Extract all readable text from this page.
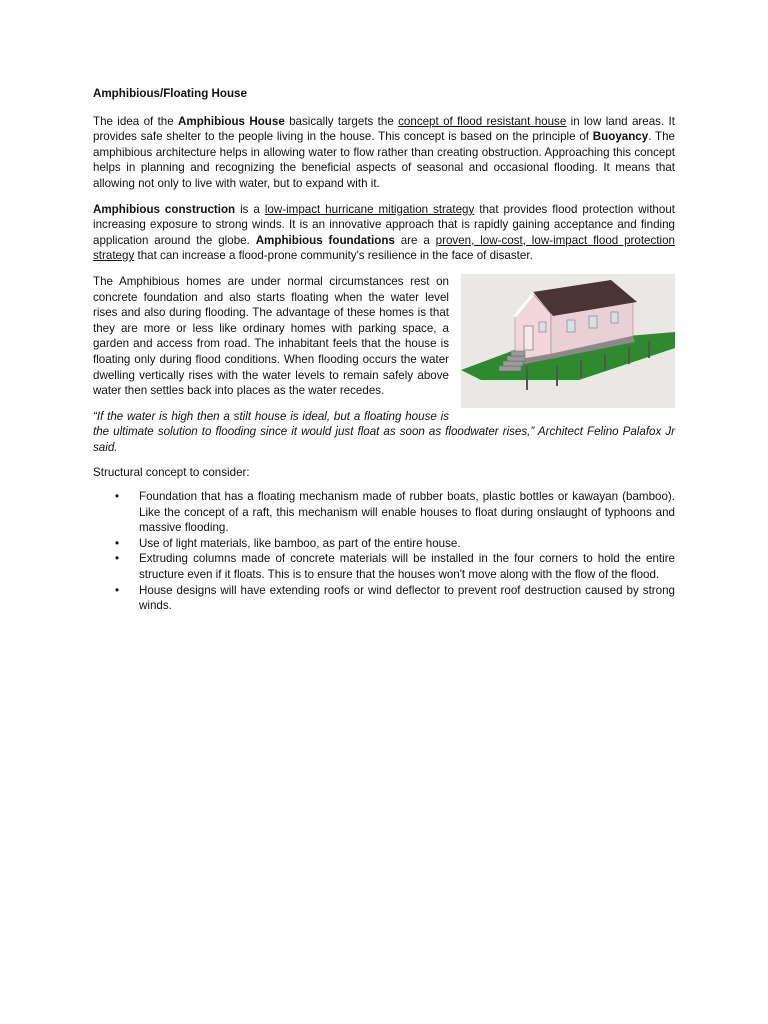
Amphibious/Floating House

The idea of the Amphibious House basically targets the concept of flood resistant house in low land areas. It provides safe shelter to the people living in the house. This concept is based on the principle of Buoyancy. The amphibious architecture helps in allowing water to flow rather than creating obstruction. Approaching this concept helps in planning and recognizing the beneficial aspects of seasonal and occasional flooding. It means that allowing not only to live with water, but to expand with it.

Amphibious construction is a low-impact hurricane mitigation strategy that provides flood protection without increasing exposure to strong winds. It is an innovative approach that is rapidly gaining acceptance and finding application around the globe. Amphibious foundations are a proven, low-cost, low-impact flood protection strategy that can increase a flood-prone community's resilience in the face of disaster.

The Amphibious homes are under normal circumstances rest on concrete foundation and also starts floating when the water level rises and also during flooding. The advantage of these homes is that they are more or less like ordinary homes with parking space, a garden and access from road. The inhabitant feels that the house is floating only during flood conditions. When flooding occurs the water dwelling vertically rises with the water levels to remain safely above water then settles back into places as the water recedes.

“If the water is high then a stilt house is ideal, but a floating house is the ultimate solution to flooding since it would just float as soon as floodwater rises,” Architect Felino Palafox Jr said.

Structural concept to consider:

• Foundation that has a floating mechanism made of rubber boats, plastic bottles or kawayan (bamboo). Like the concept of a raft, this mechanism will enable houses to float during onslaught of typhoons and massive flooding.
• Use of light materials, like bamboo, as part of the entire house.
• Extruding columns made of concrete materials will be installed in the four corners to hold the entire structure even if it floats. This is to ensure that the houses won't move along with the flow of the flood.
• House designs will have extending roofs or wind deflector to prevent roof destruction caused by strong winds.
